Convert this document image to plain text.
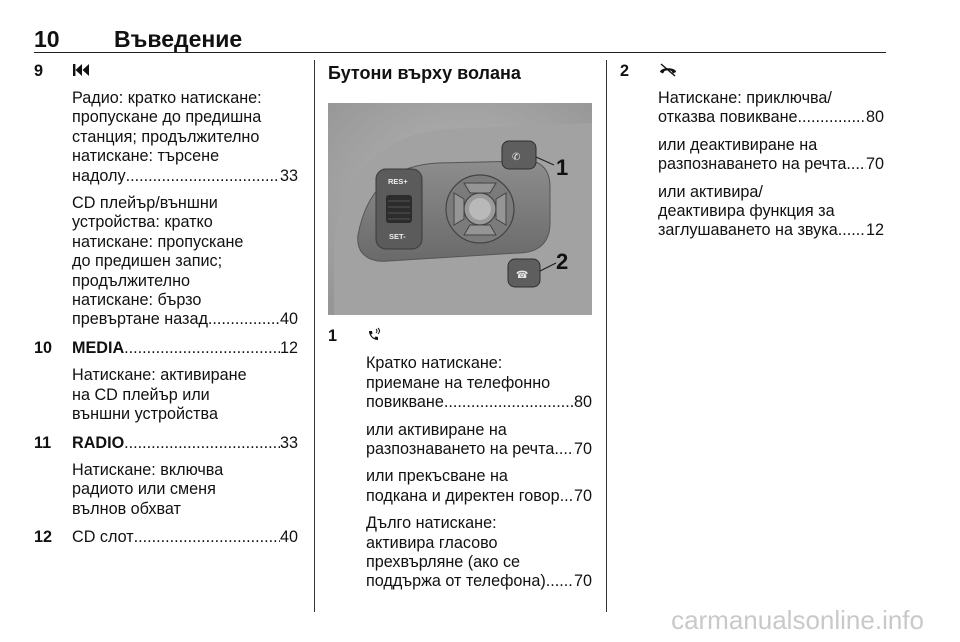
10 Въведение
9
Радио: кратко натискане:
пропускане до предишна
станция; продължително
натискане: търсене
надолу .....	33
CD плейър/външни
устройства: кратко
натискане: пропускане
до предишен запис;
продължително
натискане: бързо
превъртане назад .....	40
10 MEDIA .....	12
Натискане: активиране
на CD плейър или
външни устройства
11 RADIO .....	33
Натискане: включва
радиото или сменя
вълнов обхват
12 CD слот .....	40
Бутони върху волана
RES+
SET-
✆
☎
1
2
1
Кратко натискане:
приемане на телефонно
повикване .....	80
или активиране на
разпознаването на речта ..... 70
или прекъсване на
подкана и директен говор ..... 70
Дълго натискане:
активира гласово
прехвърляне (ако се
поддържа от телефона) ..... 70
2
Натискане: приключва/
отказва повикване .....	80
или деактивиране на
разпознаването на речта ..... 70
или активира/
деактивира функция за
заглушаването на звука ..... 12
carmanualsonline.info
